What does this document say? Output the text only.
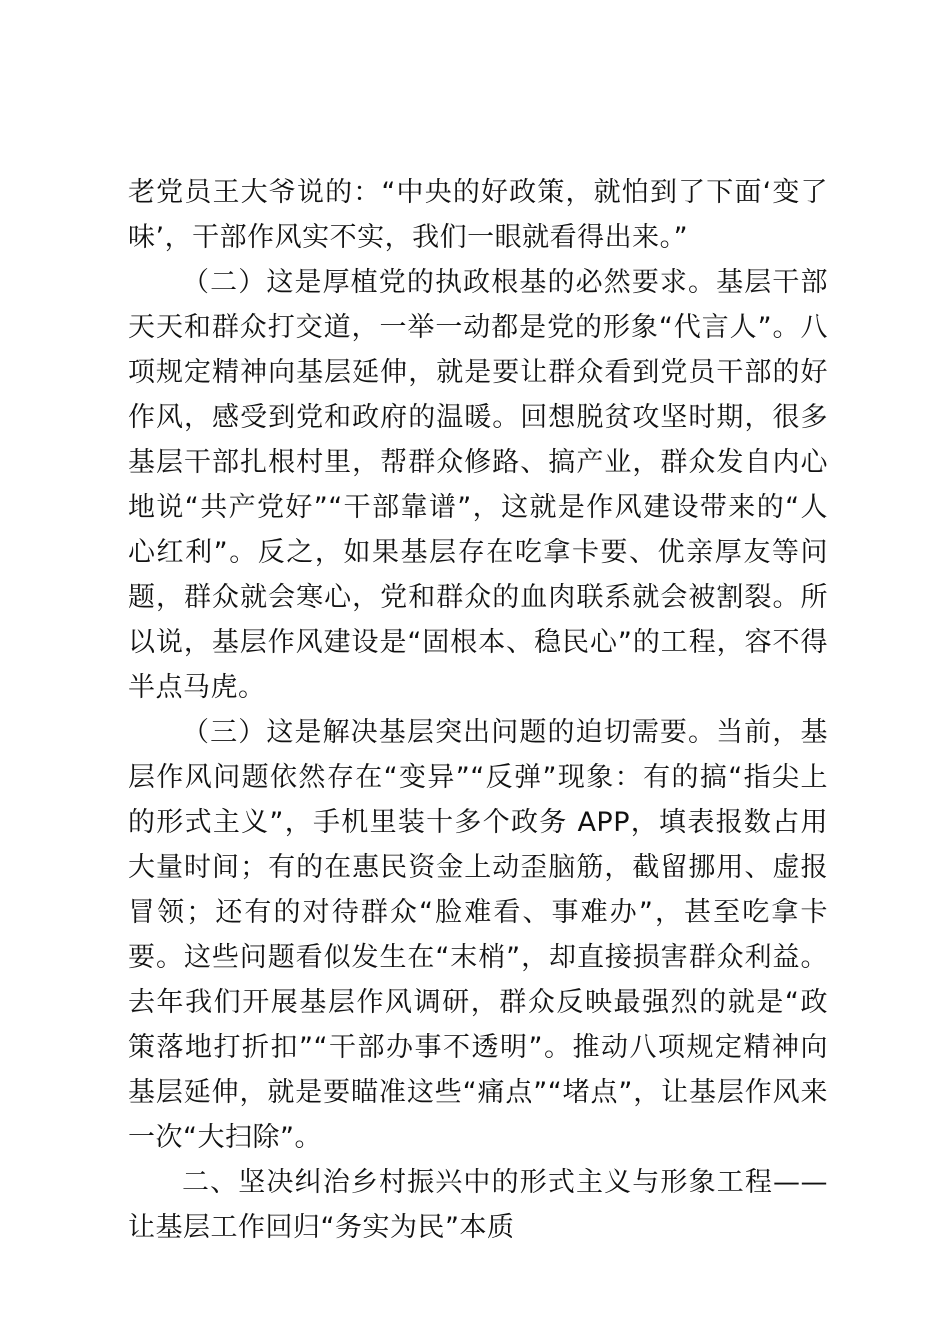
老党员王大爷说的：“中央的好政策，就怕到了下面‘变了味’，干部作风实不实，我们一眼就看得出来。”

（二）这是厚植党的执政根基的必然要求。基层干部天天和群众打交道，一举一动都是党的形象“代言人”。八项规定精神向基层延伸，就是要让群众看到党员干部的好作风，感受到党和政府的温暖。回想脱贫攻坚时期，很多基层干部扎根村里，帮群众修路、搞产业，群众发自内心地说“共产党好”“干部靠谱”，这就是作风建设带来的“人心红利”。反之，如果基层存在吃拿卡要、优亲厚友等问题，群众就会寒心，党和群众的血肉联系就会被割裂。所以说，基层作风建设是“固根本、稳民心”的工程，容不得半点马虎。

（三）这是解决基层突出问题的迫切需要。当前，基层作风问题依然存在“变异”“反弹”现象：有的搞“指尖上的形式主义”，手机里装十多个政务 APP，填表报数占用大量时间；有的在惠民资金上动歪脑筋，截留挪用、虚报冒领；还有的对待群众“脸难看、事难办”，甚至吃拿卡要。这些问题看似发生在“末梢”，却直接损害群众利益。去年我们开展基层作风调研，群众反映最强烈的就是“政策落地打折扣”“干部办事不透明”。推动八项规定精神向基层延伸，就是要瞄准这些“痛点”“堵点”，让基层作风来一次“大扫除”。

二、坚决纠治乡村振兴中的形式主义与形象工程——让基层工作回归“务实为民”本质
